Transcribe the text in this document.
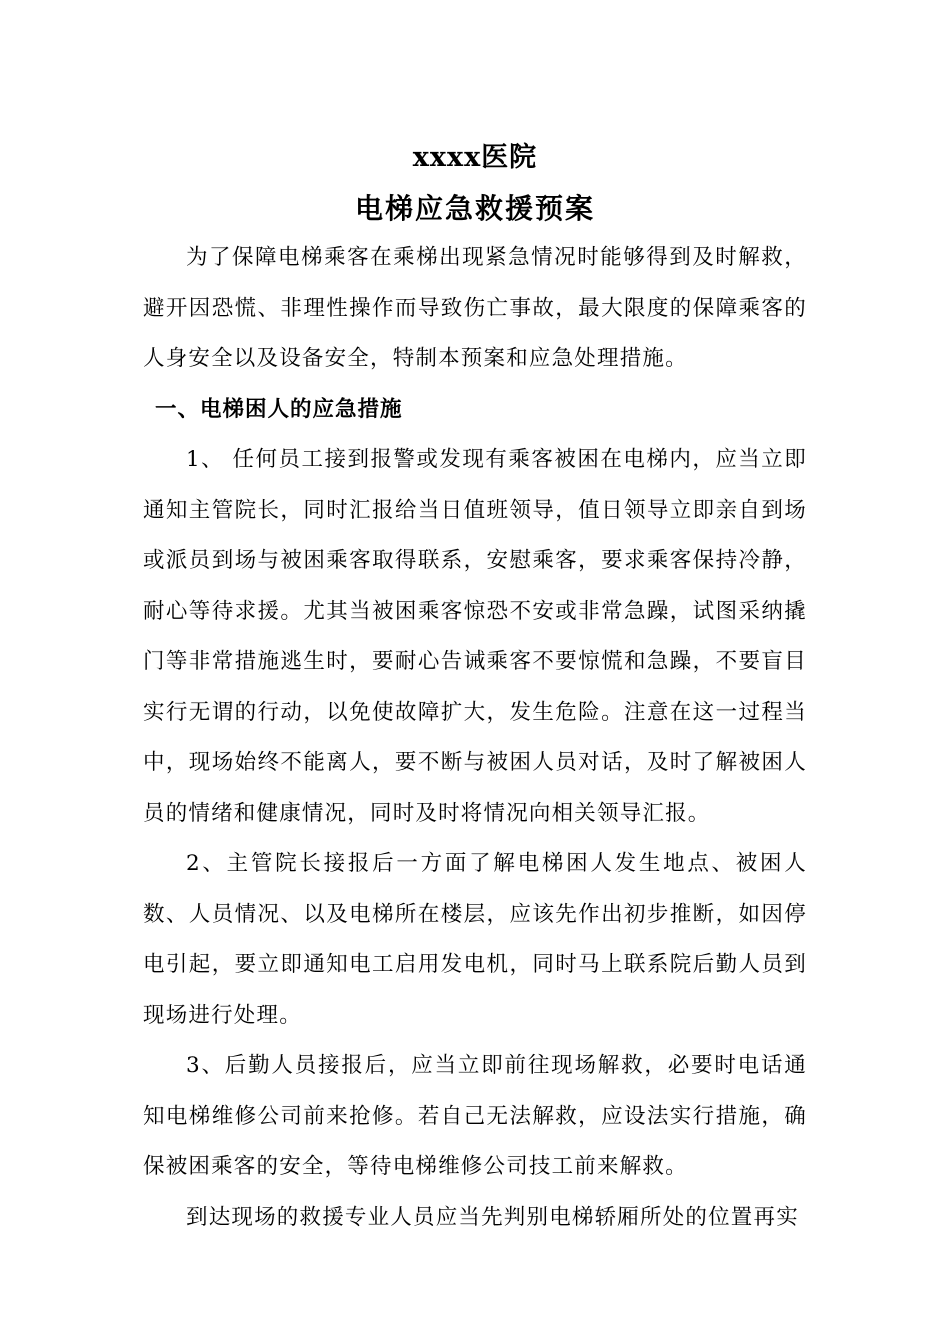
xxxx医院
电梯应急救援预案

为了保障电梯乘客在乘梯出现紧急情况时能够得到及时解救，避开因恐慌、非理性操作而导致伤亡事故，最大限度的保障乘客的人身安全以及设备安全，特制本预案和应急处理措施。

一、电梯困人的应急措施

1、 任何员工接到报警或发现有乘客被困在电梯内，应当立即通知主管院长，同时汇报给当日值班领导，值日领导立即亲自到场或派员到场与被困乘客取得联系，安慰乘客，要求乘客保持冷静，耐心等待求援。尤其当被困乘客惊恐不安或非常急躁，试图采纳撬门等非常措施逃生时，要耐心告诫乘客不要惊慌和急躁，不要盲目实行无谓的行动，以免使故障扩大，发生危险。注意在这一过程当中，现场始终不能离人，要不断与被困人员对话，及时了解被困人员的情绪和健康情况，同时及时将情况向相关领导汇报。

2、主管院长接报后一方面了解电梯困人发生地点、被困人数、人员情况、以及电梯所在楼层，应该先作出初步推断，如因停电引起，要立即通知电工启用发电机，同时马上联系院后勤人员到现场进行处理。

3、后勤人员接报后，应当立即前往现场解救，必要时电话通知电梯维修公司前来抢修。若自己无法解救，应设法实行措施，确保被困乘客的安全，等待电梯维修公司技工前来解救。

到达现场的救援专业人员应当先判别电梯轿厢所处的位置再实
